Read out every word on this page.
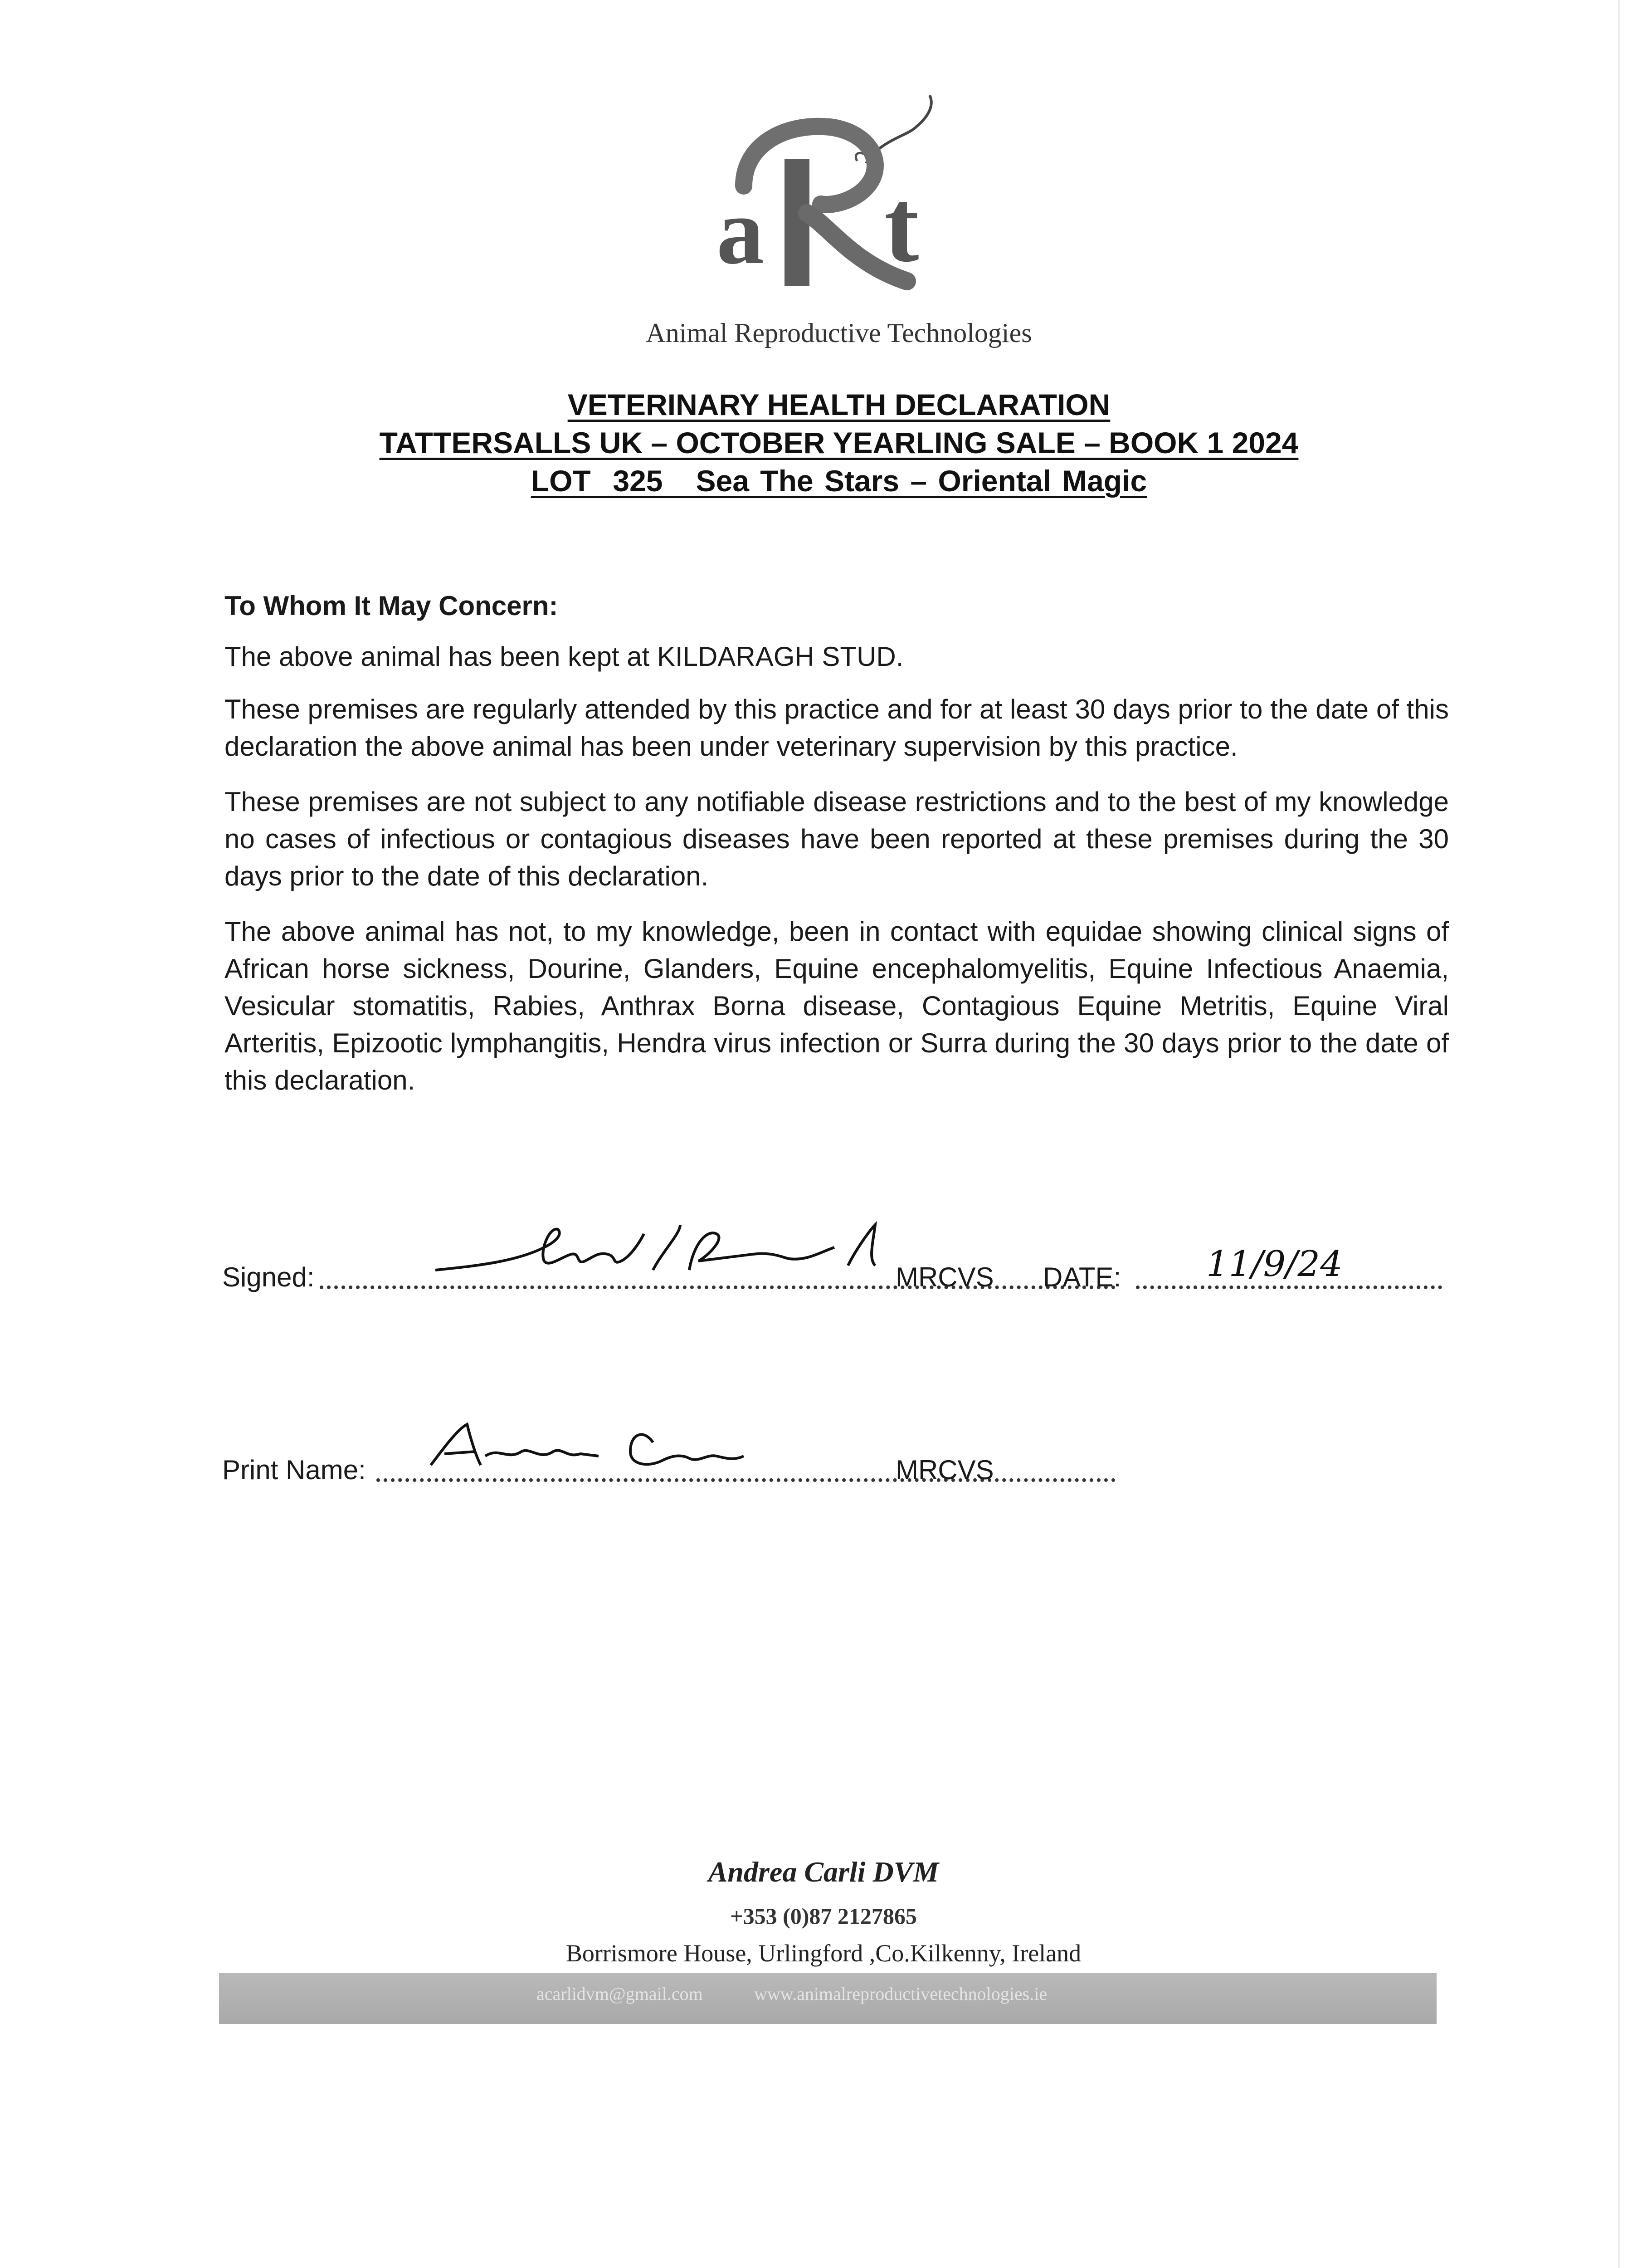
a t
Animal Reproductive Technologies
VETERINARY HEALTH DECLARATION
TATTERSALLS UK – OCTOBER YEARLING SALE – BOOK 1 2024
LOT  325   Sea The Stars – Oriental Magic

To Whom It May Concern:

The above animal has been kept at KILDARAGH STUD.

These premises are regularly attended by this practice and for at least 30 days prior to the date of this declaration the above animal has been under veterinary supervision by this practice.

These premises are not subject to any notifiable disease restrictions and to the best of my knowledge no cases of infectious or contagious diseases have been reported at these premises during the 30 days prior to the date of this declaration.

The above animal has not, to my knowledge, been in contact with equidae showing clinical signs of African horse sickness, Dourine, Glanders, Equine encephalomyelitis, Equine Infectious Anaemia, Vesicular stomatitis, Rabies, Anthrax Borna disease, Contagious Equine Metritis, Equine Viral Arteritis, Epizootic lymphangitis, Hendra virus infection or Surra during the 30 days prior to the date of this declaration.

Signed:	MRCVS DATE: 11/9/24
Print Name:	MRCVS
Andrea Carli DVM
+353 (0)87 2127865
Borrismore House, Urlingford ,Co.Kilkenny, Ireland
acarlidvm@gmail.com	www.animalreproductivetechnologies.ie
